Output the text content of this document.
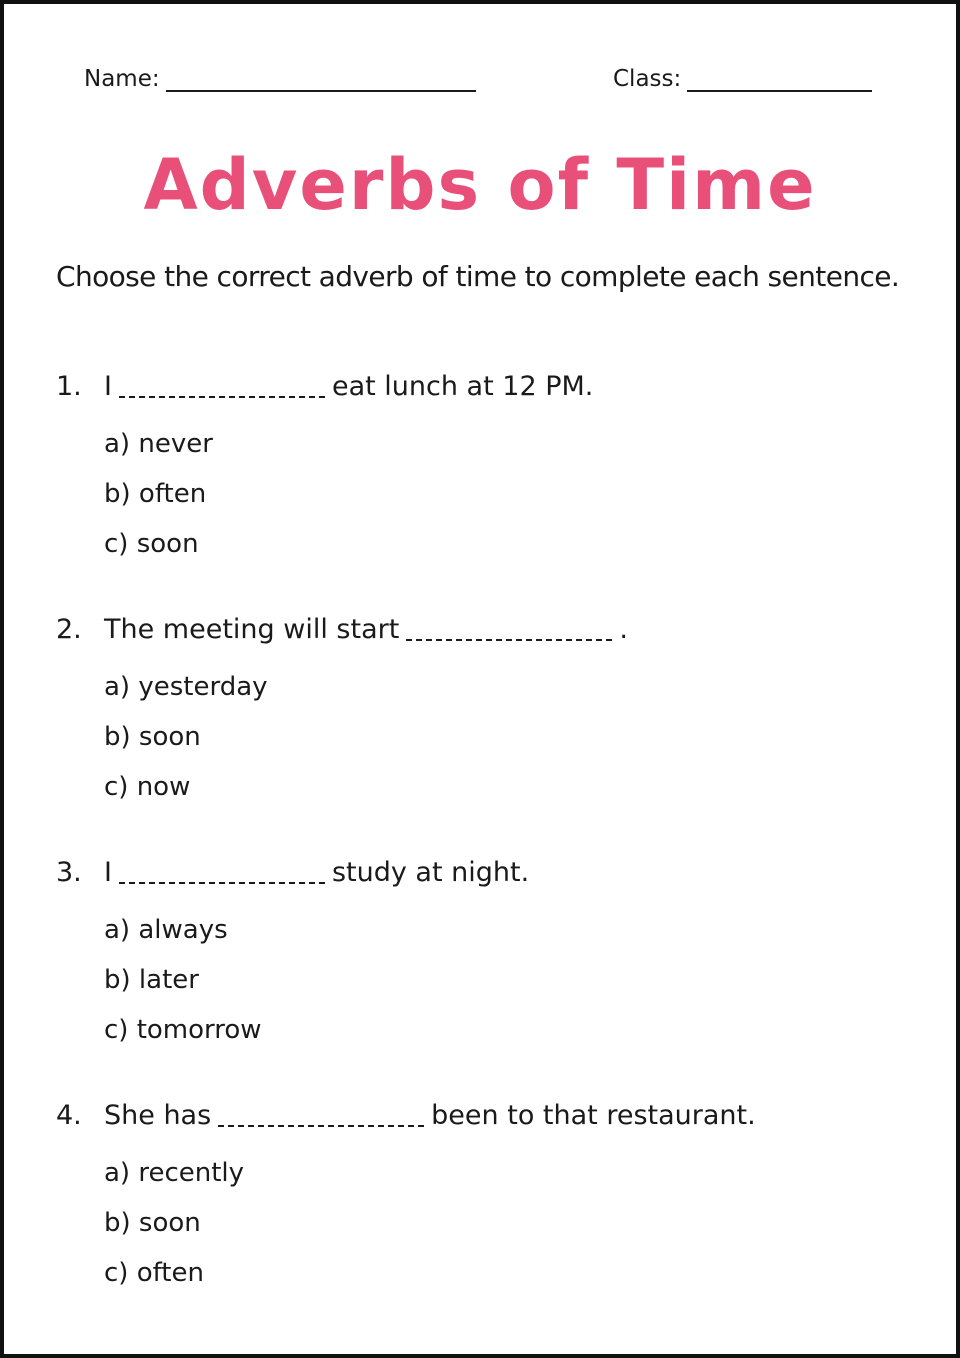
Name:	Class:
Adverbs of Time
Choose the correct adverb of time to complete each sentence.
1. I	eat lunch at 12 PM.
a) never
b) often
c) soon
2. The meeting will start	.
a) yesterday
b) soon
c) now
3. I	study at night.
a) always
b) later
c) tomorrow
4. She has	been to that restaurant.
a) recently
b) soon
c) often
